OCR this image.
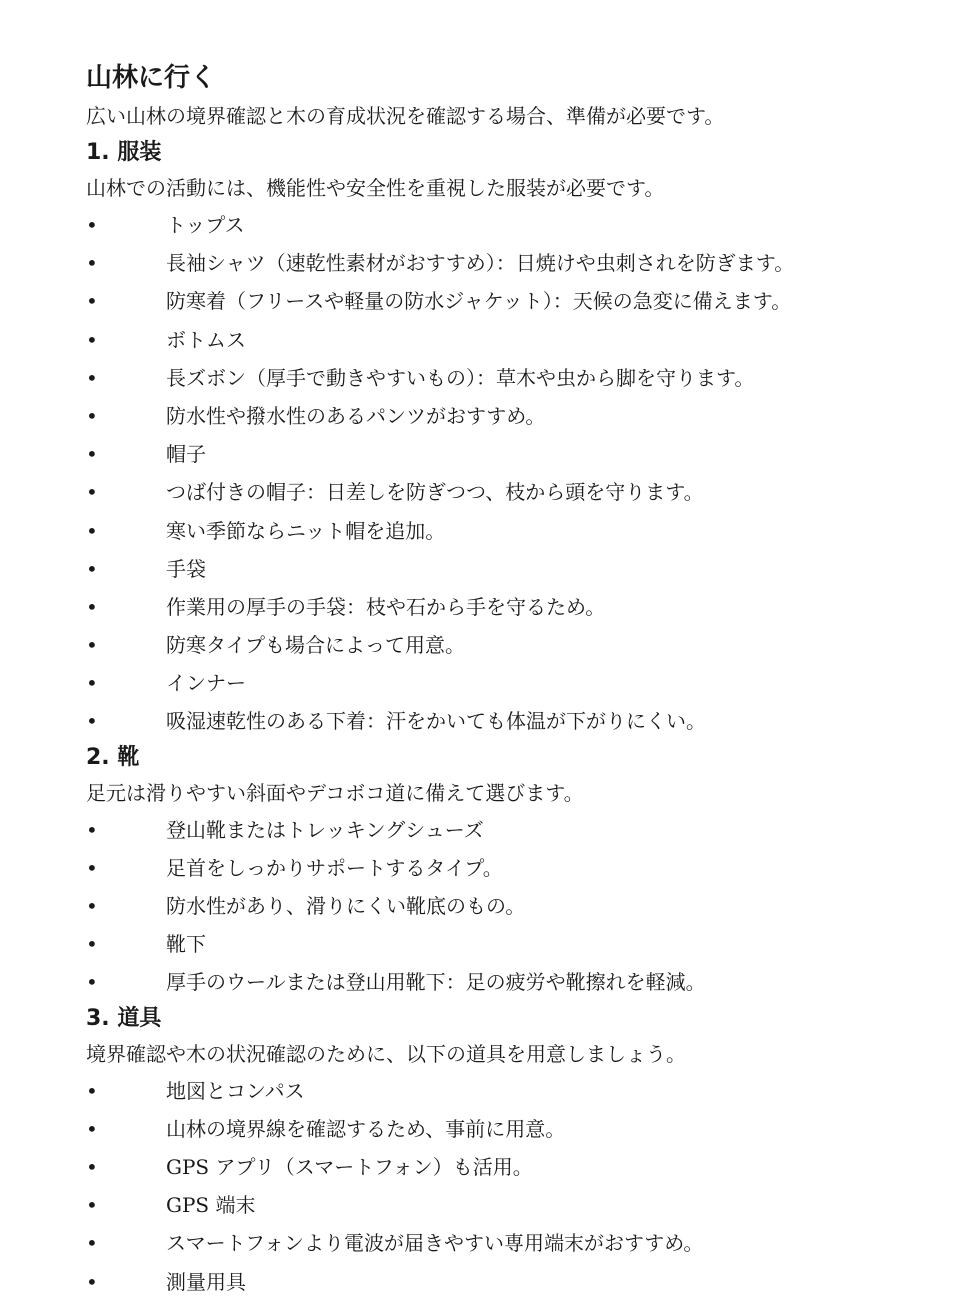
山林に行く

広い山林の境界確認と木の育成状況を確認する場合、準備が必要です。

1. 服装

山林での活動には、機能性や安全性を重視した服装が必要です。

•	トップス
•	長袖シャツ（速乾性素材がおすすめ）：日焼けや虫刺されを防ぎます。
•	防寒着（フリースや軽量の防水ジャケット）：天候の急変に備えます。
•	ボトムス
•	長ズボン（厚手で動きやすいもの）：草木や虫から脚を守ります。
•	防水性や撥水性のあるパンツがおすすめ。
•	帽子
•	つば付きの帽子：日差しを防ぎつつ、枝から頭を守ります。
•	寒い季節ならニット帽を追加。
•	手袋
•	作業用の厚手の手袋：枝や石から手を守るため。
•	防寒タイプも場合によって用意。
•	インナー
•	吸湿速乾性のある下着：汗をかいても体温が下がりにくい。
2. 靴

足元は滑りやすい斜面やデコボコ道に備えて選びます。

•	登山靴またはトレッキングシューズ
•	足首をしっかりサポートするタイプ。
•	防水性があり、滑りにくい靴底のもの。
•	靴下
•	厚手のウールまたは登山用靴下：足の疲労や靴擦れを軽減。
3. 道具

境界確認や木の状況確認のために、以下の道具を用意しましょう。

•	地図とコンパス
•	山林の境界線を確認するため、事前に用意。
•	GPS アプリ（スマートフォン）も活用。
•	GPS 端末
•	スマートフォンより電波が届きやすい専用端末がおすすめ。
•	測量用具
